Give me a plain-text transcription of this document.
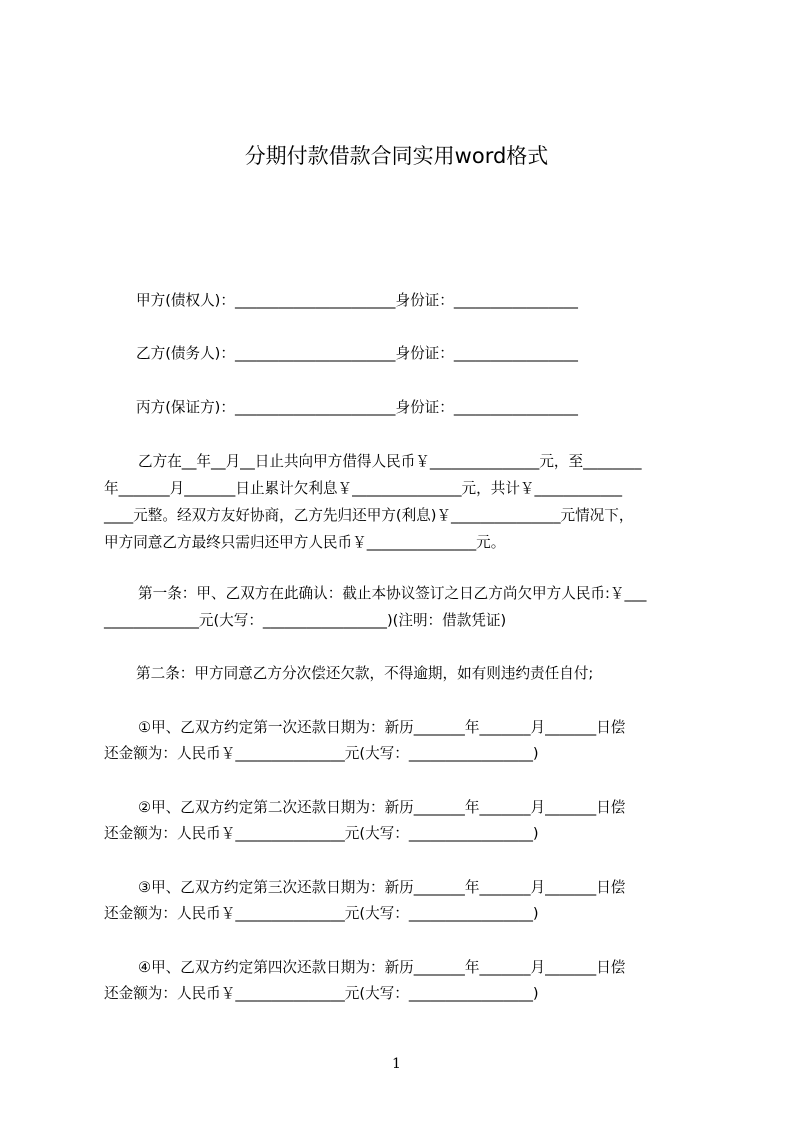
分期付款借款合同实用word格式
甲方(债权人)：______________________身份证：_________________
乙方(债务人)：______________________身份证：_________________
丙方(保证方)：______________________身份证：_________________
乙方在__年__月__日止共向甲方借得人民币￥_______________元，至________
年_______月_______日止累计欠利息￥_______________元，共计￥____________
____元整。经双方友好协商，乙方先归还甲方(利息)￥_______________元情况下，
甲方同意乙方最终只需归还甲方人民币￥_______________元。
第一条：甲、乙双方在此确认：截止本协议签订之日乙方尚欠甲方人民币:￥___
_____________元(大写：_________________)(注明：借款凭证)
第二条：甲方同意乙方分次偿还欠款，不得逾期，如有则违约责任自付;
①甲、乙双方约定第一次还款日期为：新历_______年_______月_______日偿
还金额为：人民币￥_______________元(大写：_________________)
②甲、乙双方约定第二次还款日期为：新历_______年_______月_______日偿
还金额为：人民币￥_______________元(大写：_________________)
③甲、乙双方约定第三次还款日期为：新历_______年_______月_______日偿
还金额为：人民币￥_______________元(大写：_________________)
④甲、乙双方约定第四次还款日期为：新历_______年_______月_______日偿
还金额为：人民币￥_______________元(大写：_________________)
1
